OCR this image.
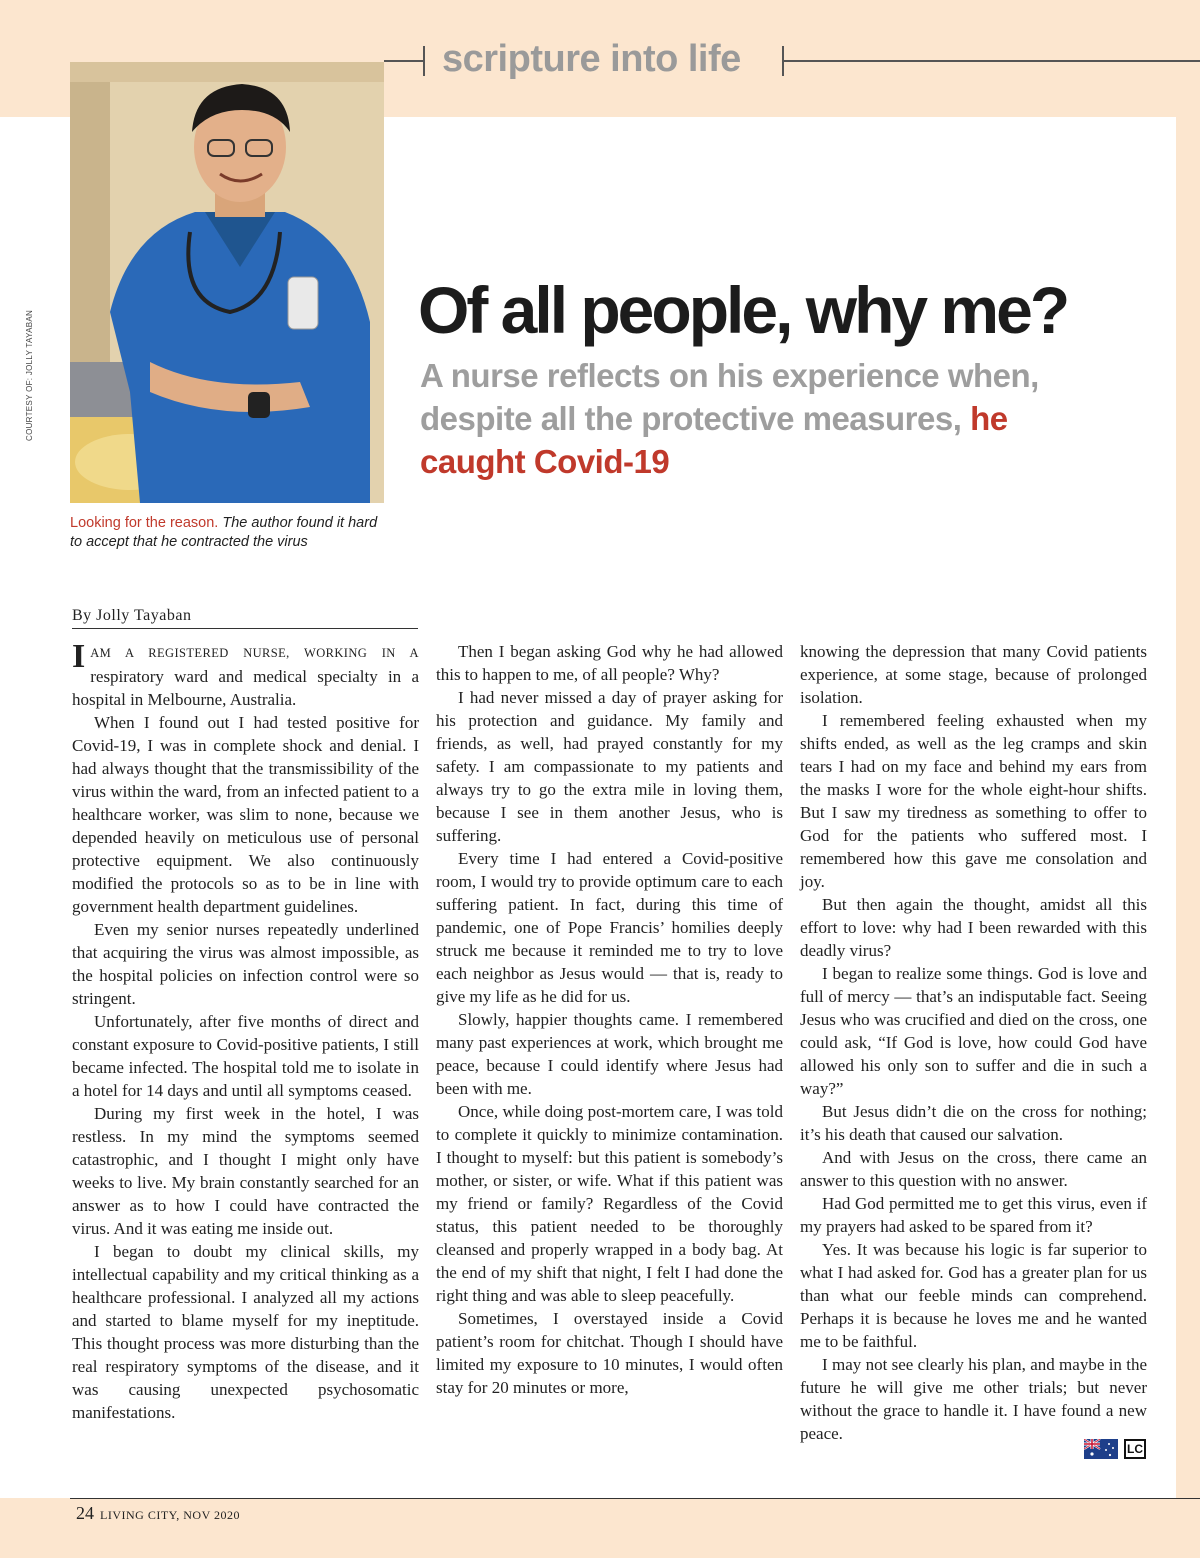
scripture into life
COURTESY OF: JOLLY TAYABAN
Looking for the reason. The author found it hard to accept that he contracted the virus
Of all people, why me?
A nurse reflects on his experience when, despite all the protective measures, he caught Covid-19
By Jolly Tayaban

IAM A REGISTERED NURSE, WORKING IN A respiratory ward and medical specialty in a hospital in Melbourne, Australia.

When I found out I had tested positive for Covid-19, I was in complete shock and denial. I had always thought that the transmissibility of the virus within the ward, from an infected patient to a healthcare worker, was slim to none, because we depended heavily on meticulous use of personal protective equipment. We also continuously modified the protocols so as to be in line with government health department guidelines.

Even my senior nurses repeatedly underlined that acquiring the virus was almost impossible, as the hospital policies on infection control were so stringent.

Unfortunately, after five months of direct and constant exposure to Covid-positive patients, I still became infected. The hospital told me to isolate in a hotel for 14 days and until all symptoms ceased.

During my first week in the hotel, I was restless. In my mind the symptoms seemed catastrophic, and I thought I might only have weeks to live. My brain constantly searched for an answer as to how I could have contracted the virus. And it was eating me inside out.

I began to doubt my clinical skills, my intellectual capability and my critical thinking as a healthcare professional. I analyzed all my actions and started to blame myself for my ineptitude. This thought process was more disturbing than the real respiratory symptoms of the disease, and it was causing unexpected psychosomatic manifestations.

Then I began asking God why he had allowed this to happen to me, of all people? Why?

I had never missed a day of prayer asking for his protection and guidance. My family and friends, as well, had prayed constantly for my safety. I am compassionate to my patients and always try to go the extra mile in loving them, because I see in them another Jesus, who is suffering.

Every time I had entered a Covid-positive room, I would try to provide optimum care to each suffering patient. In fact, during this time of pandemic, one of Pope Francis’ homilies deeply struck me because it reminded me to try to love each neighbor as Jesus would — that is, ready to give my life as he did for us.

Slowly, happier thoughts came. I remembered many past experiences at work, which brought me peace, because I could identify where Jesus had been with me.

Once, while doing post-mortem care, I was told to complete it quickly to minimize contamination. I thought to myself: but this patient is somebody’s mother, or sister, or wife. What if this patient was my friend or family? Regardless of the Covid status, this patient needed to be thoroughly cleansed and properly wrapped in a body bag. At the end of my shift that night, I felt I had done the right thing and was able to sleep peacefully.

Sometimes, I overstayed inside a Covid patient’s room for chitchat. Though I should have limited my exposure to 10 minutes, I would often stay for 20 minutes or more,

knowing the depression that many Covid patients experience, at some stage, because of prolonged isolation.

I remembered feeling exhausted when my shifts ended, as well as the leg cramps and skin tears I had on my face and behind my ears from the masks I wore for the whole eight-hour shifts. But I saw my tiredness as something to offer to God for the patients who suffered most. I remembered how this gave me consolation and joy.

But then again the thought, amidst all this effort to love: why had I been rewarded with this deadly virus?

I began to realize some things. God is love and full of mercy — that’s an indisputable fact. Seeing Jesus who was crucified and died on the cross, one could ask, “If God is love, how could God have allowed his only son to suffer and die in such a way?”

But Jesus didn’t die on the cross for nothing; it’s his death that caused our salvation.

And with Jesus on the cross, there came an answer to this question with no answer.

Had God permitted me to get this virus, even if my prayers had asked to be spared from it?

Yes. It was because his logic is far superior to what I had asked for. God has a greater plan for us than what our feeble minds can comprehend. Perhaps it is because he loves me and he wanted me to be faithful.

I may not see clearly his plan, and maybe in the future he will give me other trials; but never without the grace to handle it. I have found a new peace.

LC
24 LIVING CITY, NOV 2020
